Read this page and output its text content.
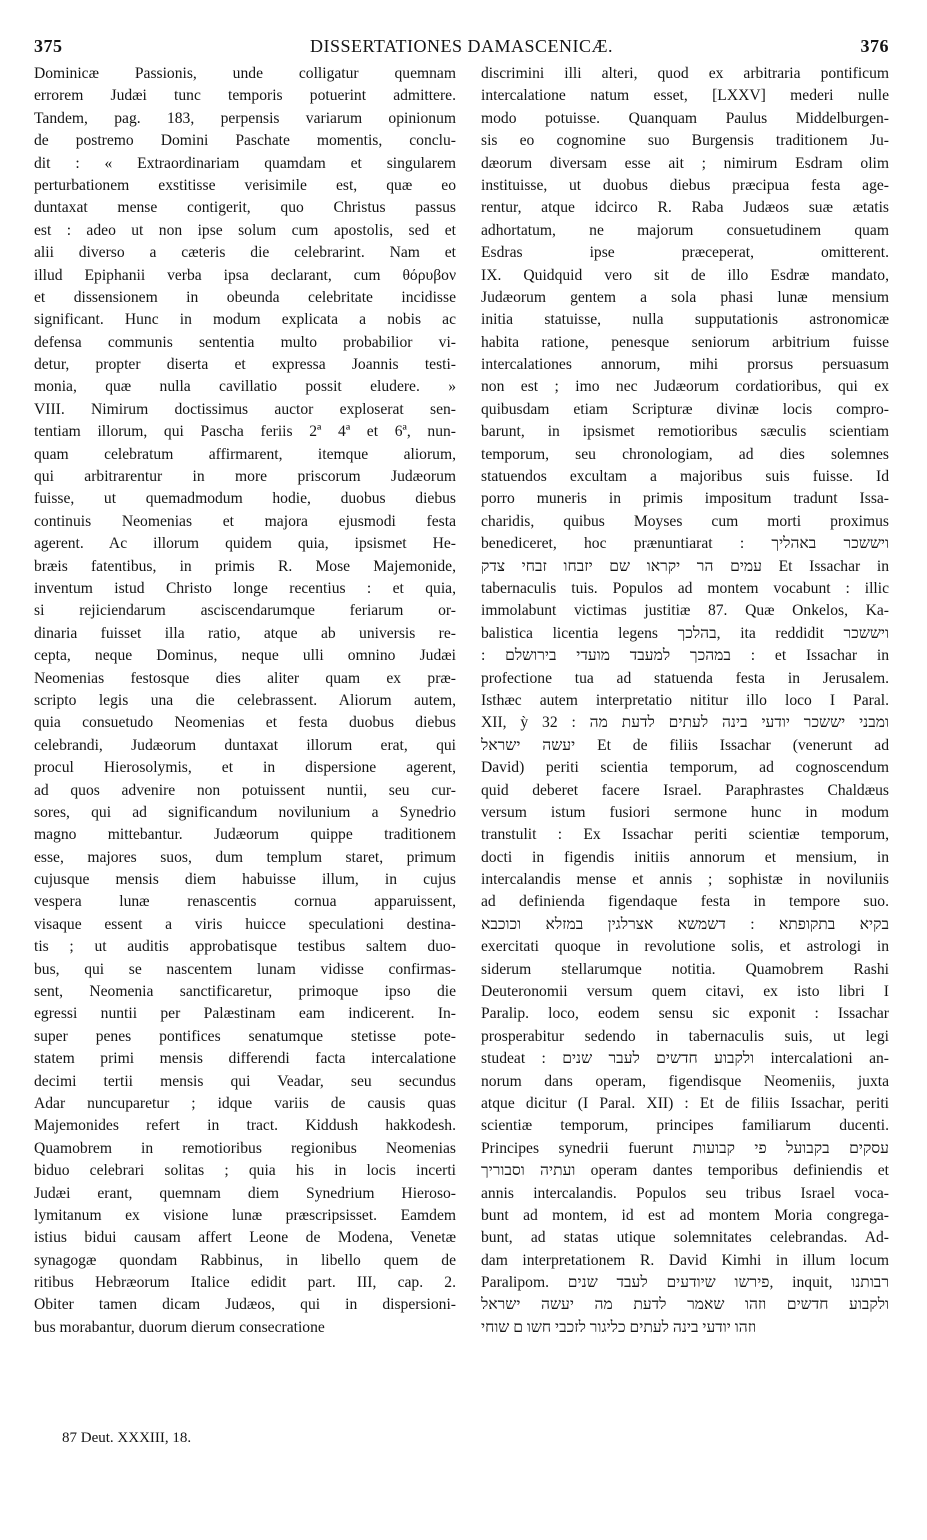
375	DISSERTATIONES DAMASCENICÆ.	376
Dominicæ Passionis, unde colligatur quemnam
errorem Judæi tunc temporis potuerint admittere.
Tandem, pag. 183, perpensis variarum opinionum
de postremo Domini Paschate momentis, conclu-
dit : « Extraordinariam quamdam et singularem
perturbationem exstitisse verisimile est, quæ eo
duntaxat mense contigerit, quo Christus passus
est : adeo ut non ipse solum cum apostolis, sed et
alii diverso a cæteris die celebrarint. Nam et
illud Epiphanii verba ipsa declarant, cum θόρυβον
et dissensionem in obeunda celebritate incidisse
significant. Hunc in modum explicata a nobis ac
defensa communis sententia multo probabilior vi-
detur, propter diserta et expressa Joannis testi-
monia, quæ nulla cavillatio possit eludere. »
VIII. Nimirum doctissimus auctor exploserat sen-
tentiam illorum, qui Pascha feriis 2ª 4ª et 6ª, nun-
quam celebratum affirmarent, itemque aliorum,
qui arbitrarentur in more priscorum Judæorum
fuisse, ut quemadmodum hodie, duobus diebus
continuis Neomenias et majora ejusmodi festa
agerent. Ac illorum quidem quia, ipsismet He-
bræis fatentibus, in primis R. Mose Majemonide,
inventum istud Christo longe recentius : et quia,
si rejiciendarum asciscendarumque feriarum or-
dinaria fuisset illa ratio, atque ab universis re-
cepta, neque Dominus, neque ulli omnino Judæi
Neomenias festosque dies aliter quam ex præ-
scripto legis una die celebrassent. Aliorum autem,
quia consuetudo Neomenias et festa duobus diebus
celebrandi, Judæorum duntaxat illorum erat, qui
procul Hierosolymis, et in dispersione agerent,
ad quos advenire non potuissent nuntii, seu cur-
sores, qui ad significandum novilunium a Synedrio
magno mittebantur. Judæorum quippe traditionem
esse, majores suos, dum templum staret, primum
cujusque mensis diem habuisse illum, in cujus
vespera lunæ renascentis cornua apparuissent,
visaque essent a viris huicce speculationi destina-
tis ; ut auditis approbatisque testibus saltem duo-
bus, qui se nascentem lunam vidisse confirmas-
sent, Neomenia sanctificaretur, primoque ipso die
egressi nuntii per Palæstinam eam indicerent. In-
super penes pontifices senatumque stetisse pote-
statem primi mensis differendi facta intercalatione
decimi tertii mensis qui Veadar, seu secundus
Adar nuncuparetur ; idque variis de causis quas
Majemonides refert in tract. Kiddush hakkodesh.
Quamobrem in remotioribus regionibus Neomenias
biduo celebrari solitas ; quia his in locis incerti
Judæi erant, quemnam diem Synedrium Hieroso-
lymitanum ex visione lunæ præscripsisset. Eamdem
istius bidui causam affert Leone de Modena, Venetæ
synagogæ quondam Rabbinus, in libello quem de
ritibus Hebræorum Italice edidit part. III, cap. 2.
Obiter tamen dicam Judæos, qui in dispersioni-
bus morabantur, duorum dierum consecratione
discrimini illi alteri, quod ex arbitraria pontificum
intercalatione natum esset, [LXXV] mederi nulle
modo potuisse. Quanquam Paulus Middelburgen-
sis eo cognomine suo Burgensis traditionem Ju-
dæorum diversam esse ait ; nimirum Esdram olim
instituisse, ut duobus diebus præcipua festa age-
rentur, atque idcirco R. Raba Judæos suæ ætatis
adhortatum, ne majorum consuetudinem quam
Esdras ipse præceperat, omitterent.
IX. Quidquid vero sit de illo Esdræ mandato,
Judæorum gentem a sola phasi lunæ mensium
initia statuisse, nulla supputationis astronomicæ
habita ratione, penesque seniorum arbitrium fuisse
intercalationes annorum, mihi prorsus persuasum
non est ; imo nec Judæorum cordatioribus, qui ex
quibusdam etiam Scripturæ divinæ locis compro-
barunt, in ipsismet remotioribus sæculis scientiam
temporum, seu chronologiam, ad dies solemnes
statuendos excultam a majoribus suis fuisse. Id
porro muneris in primis impositum tradunt Issa-
charidis, quibus Moyses cum morti proximus
benediceret, hoc prænuntiarat : ויששכר באהליך
עמים הר יקראו שם יזבחו זבחי צדק Et Issachar in
tabernaculis tuis. Populos ad montem vocabunt : illic
immolabunt victimas justitiæ 87. Quæ Onkelos, Ka-
balistica licentia legens בהלכך, ita reddidit ויששכר
: במהכך למעבד מועדי בירושלם : et Issachar in
profectione tua ad statuenda festa in Jerusalem.
Isthæc autem interpretatio nititur illo loco I Paral.
XII, ỳ 32 : ומבני יששכר יודעי בינה לעתים לדעת מה
יעשה ישראל Et de filiis Issachar (venerunt ad
David) periti scientia temporum, ad cognoscendum
quid deberet facere Israel. Paraphrastes Chaldæus
versum istum fusiori sermone hunc in modum
transtulit : Ex Issachar periti scientiæ temporum,
docti in figendis initiis annorum et mensium, in
intercalandis mense et annis ; sophistæ in noviluniis
ad definienda figendaque festa in tempore suo.
בקיא בתקופתא : דשמשא אצרלגין במזלא וכוכבא
exercitati quoque in revolutione solis, et astrologi in
siderum stellarumque notitia. Quamobrem Rashi
Deuteronomii versum quem citavi, ex isto libri I
Paralip. loco, eodem sensu sic exponit : Issachar
prosperabitur sedendo in tabernaculis suis, ut legi
studeat : ולקבוע חדשים לעבר שנים intercalationi an-
norum dans operam, figendisque Neomeniis, juxta
atque dicitur (I Paral. XII) : Et de filiis Issachar, periti
scientiæ temporum, principes familiarum ducenti.
Principes synedrii fuerunt עסקים בקבועל פי קבועות
ועתיה וסבוריך operam dantes temporibus definiendis et
annis intercalandis. Populos seu tribus Israel voca-
bunt ad montem, id est ad montem Moria congrega-
bunt, ad statas utique solemnitates celebrandas. Ad-
dam interpretationem R. David Kimhi in illum locum
Paralipom. פירשו שיודעים לעבד שנים, inquit, רבותנו
ולקבוע חדשים וזהו שאמר לדעת מה יעשה ישראל
וזהו יודעי בינה לעתים כליגור לזכבי חשו ם שוחי
87 Deut. XXXIII, 18.
